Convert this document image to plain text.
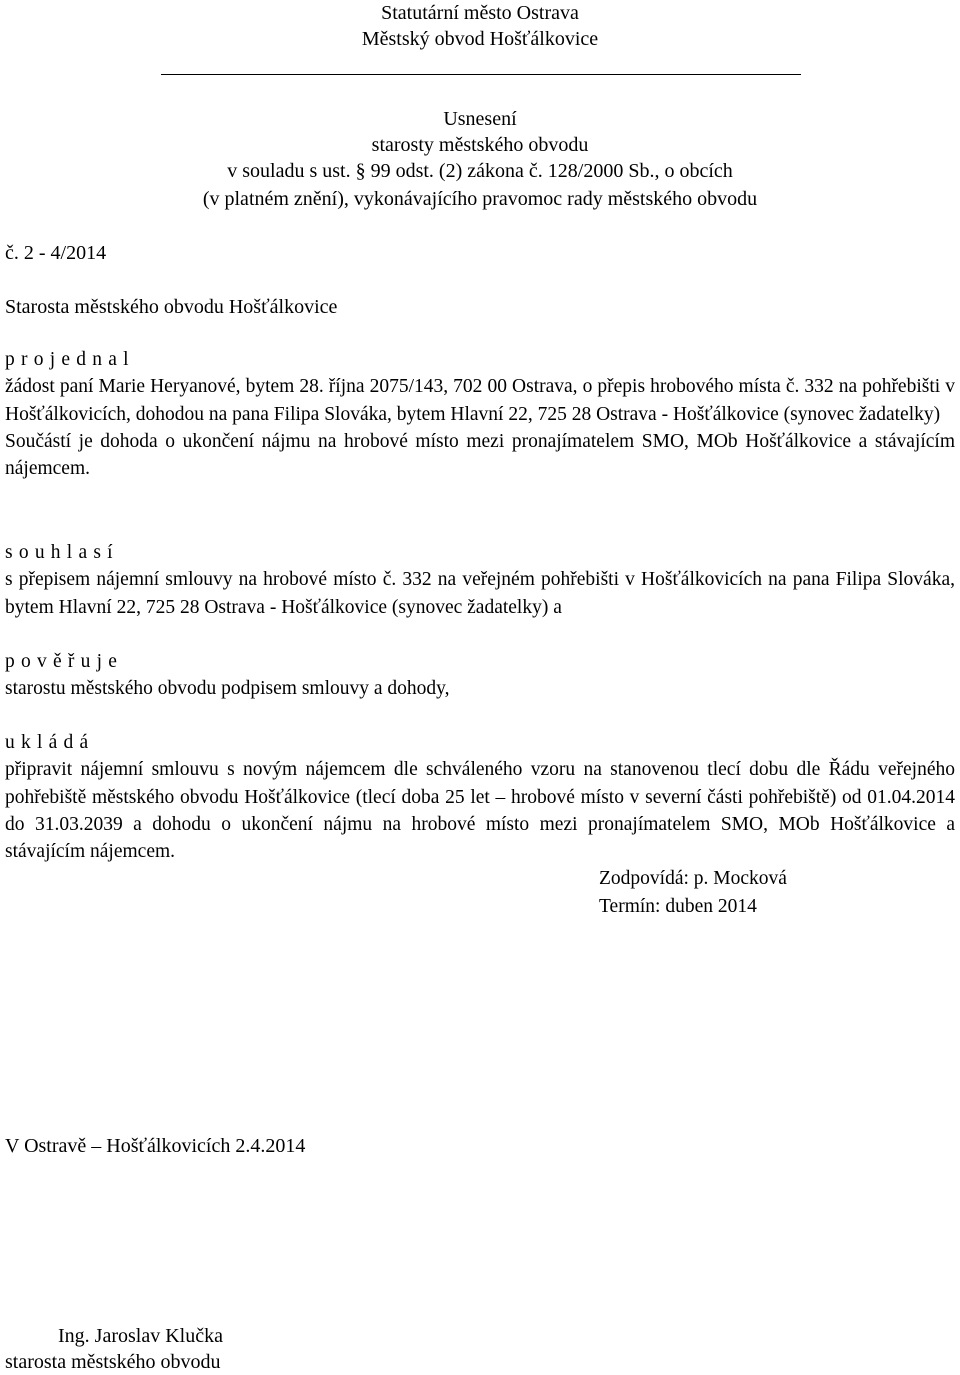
Statutární město Ostrava
Městský obvod Hošťálkovice
Usnesení
starosty městského obvodu
v souladu s ust. § 99 odst. (2) zákona č. 128/2000 Sb., o obcích
(v platném znění), vykonávajícího pravomoc rady městského obvodu
č. 2 - 4/2014
Starosta městského obvodu Hošťálkovice

projednal

žádost paní Marie Heryanové, bytem 28. října 2075/143, 702 00 Ostrava, o přepis hrobového místa č. 332 na pohřebišti v Hošťálkovicích, dohodou na pana Filipa Slováka, bytem Hlavní 22, 725 28 Ostrava - Hošťálkovice (synovec žadatelky)

Součástí je dohoda o ukončení nájmu na hrobové místo mezi pronajímatelem SMO, MOb Hošťálkovice a stávajícím nájemcem.

souhlasí

s přepisem nájemní smlouvy na hrobové místo č. 332 na veřejném pohřebišti v Hošťálkovicích na pana Filipa Slováka, bytem Hlavní 22, 725 28 Ostrava - Hošťálkovice (synovec žadatelky) a

pověřuje

starostu městského obvodu podpisem smlouvy a dohody,

ukládá

připravit nájemní smlouvu s novým nájemcem dle schváleného vzoru na stanovenou tlecí dobu dle Řádu veřejného pohřebiště městského obvodu Hošťálkovice (tlecí doba 25 let – hrobové místo v severní části pohřebiště) od 01.04.2014 do 31.03.2039 a dohodu o ukončení nájmu na hrobové místo mezi pronajímatelem SMO, MOb Hošťálkovice a stávajícím nájemcem.

Zodpovídá: p. Mocková

Termín: duben 2014

V Ostravě – Hošťálkovicích 2.4.2014
Ing. Jaroslav Klučka
starosta městského obvodu
